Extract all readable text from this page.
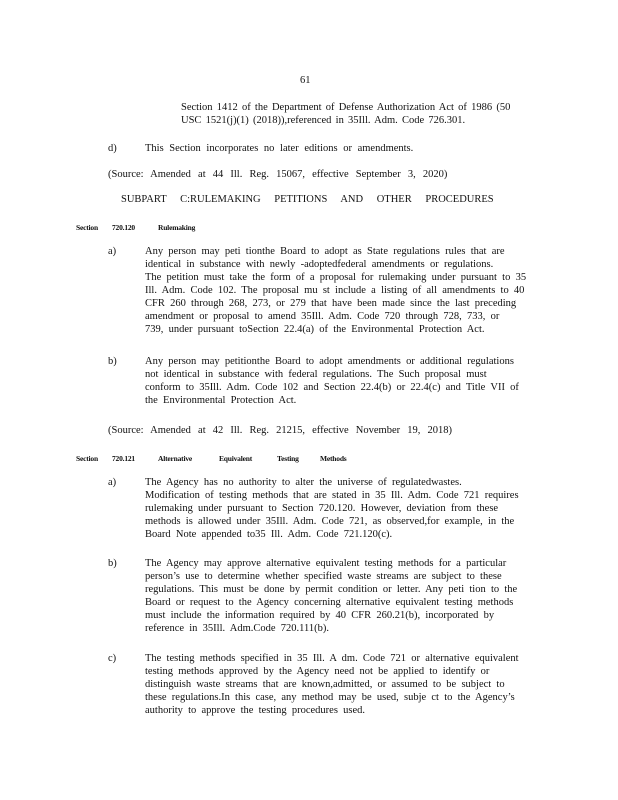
61
Section 1412 of the Department of Defense Authorization Act of 1986 (50
USC 1521(j)(1) (2018)),referenced in 35Ill. Adm. Code 726.301.
d)	This Section incorporates no later editions or amendments.
(Source: Amended at 44 Ill. Reg. 15067, effective September 3, 2020)
SUBPART C:RULEMAKING PETITIONS AND OTHER PROCEDURES
Section 720.120	Rulemaking
a)	Any person may peti tionthe Board to adopt as State regulations rules that are
identical in substance with newly -adoptedfederal amendments or regulations.
The petition must take the form of a proposal for rulemaking under pursuant to 35
Ill. Adm. Code 102. The proposal mu st include a listing of all amendments to 40
CFR 260 through 268, 273, or 279 that have been made since the last preceding
amendment or proposal to amend 35Ill. Adm. Code 720 through 728, 733, or
739, under pursuant toSection 22.4(a) of the Environmental Protection Act.
b)	Any person may petitionthe Board to adopt amendments or additional regulations
not identical in substance with federal regulations. The Such proposal must
conform to 35Ill. Adm. Code 102 and Section 22.4(b) or 22.4(c) and Title VII of
the Environmental Protection Act.
(Source: Amended at 42 Ill. Reg. 21215, effective November 19, 2018)
Section 720.121	Alternative	Equivalent	Testing	Methods
a)	The Agency has no authority to alter the universe of regulatedwastes.
Modification of testing methods that are stated in 35 Ill. Adm. Code 721 requires
rulemaking under pursuant to Section 720.120. However, deviation from these
methods is allowed under 35Ill. Adm. Code 721, as observed,for example, in the
Board Note appended to35 Ill. Adm. Code 721.120(c).
b)	The Agency may approve alternative equivalent testing methods for a particular
person’s use to determine whether specified waste streams are subject to these
regulations. This must be done by permit condition or letter. Any peti tion to the
Board or request to the Agency concerning alternative equivalent testing methods
must include the information required by 40 CFR 260.21(b), incorporated by
reference in 35Ill. Adm.Code 720.111(b).
c)	The testing methods specified in 35 Ill. A dm. Code 721 or alternative equivalent
testing methods approved by the Agency need not be applied to identify or
distinguish waste streams that are known,admitted, or assumed to be subject to
these regulations.In this case, any method may be used, subje ct to the Agency’s
authority to approve the testing procedures used.
